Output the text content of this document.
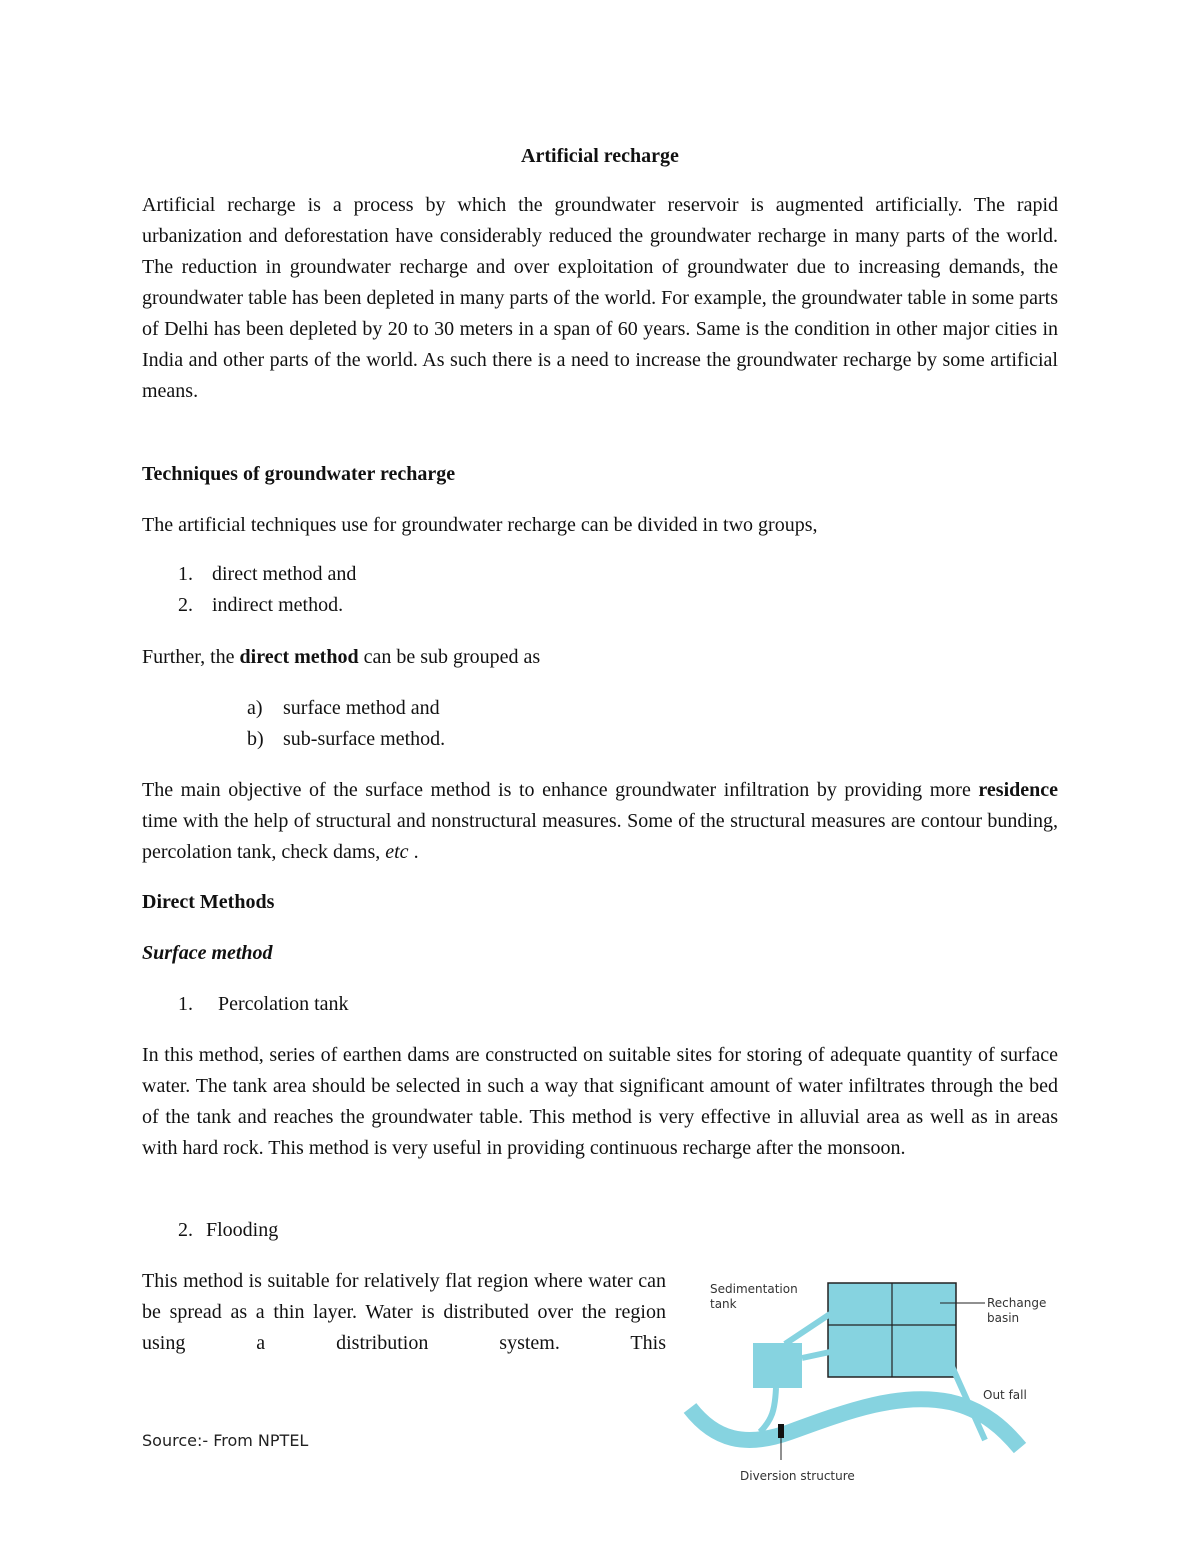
Artificial recharge
Artificial recharge is a process by which the groundwater reservoir is augmented artificially. The rapid urbanization and deforestation have considerably reduced the groundwater recharge in many parts of the world. The reduction in groundwater recharge and over exploitation of groundwater due to increasing demands, the groundwater table has been depleted in many parts of the world. For example, the groundwater table in some parts of Delhi has been depleted by 20 to 30 meters in a span of 60 years. Same is the condition in other major cities in India and other parts of the world. As such there is a need to increase the groundwater recharge by some artificial means.
Techniques of groundwater recharge
The artificial techniques use for groundwater recharge can be divided in two groups,
1. direct method and
2. indirect method.
Further, the direct method can be sub grouped as
a) surface method and
b) sub-surface method.
The main objective of the surface method is to enhance groundwater infiltration by providing more residence time with the help of structural and nonstructural measures. Some of the structural measures are contour bunding, percolation tank, check dams, etc .
Direct Methods
Surface method
1. Percolation tank
In this method, series of earthen dams are constructed on suitable sites for storing of adequate quantity of surface water. The tank area should be selected in such a way that significant amount of water infiltrates through the bed of the tank and reaches the groundwater table. This method is very effective in alluvial area as well as in areas with hard rock. This method is very useful in providing continuous recharge after the monsoon.
2. Flooding
This method is suitable for relatively flat region where water can be spread as a thin layer. Water is distributed over the region using a distribution system. This
Source:- From NPTEL
Sedimentation
tank	Rechange
basin
Out fall
Diversion structure
